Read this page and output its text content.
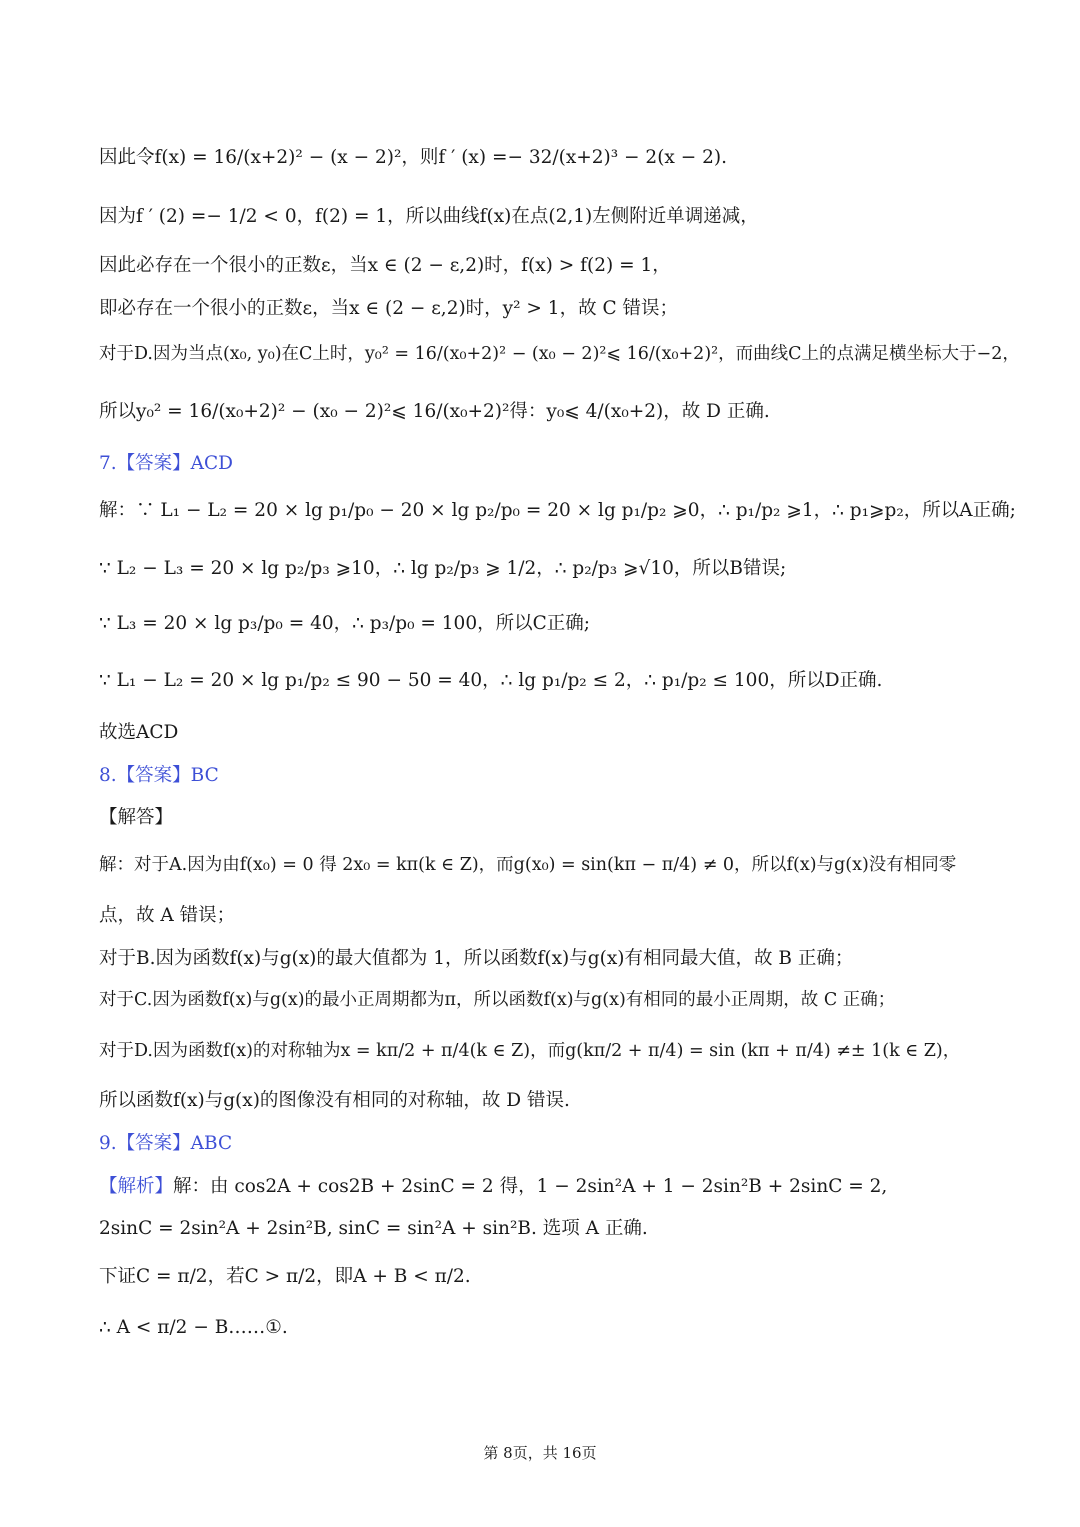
因此令f(x) = 16/(x+2)² − (x − 2)²，则f ′ (x) =− 32/(x+2)³ − 2(x − 2).
因为f ′ (2) =− 1/2 < 0，f(2) = 1，所以曲线f(x)在点(2,1)左侧附近单调递减，
因此必存在一个很小的正数ε，当x ∈ (2 − ε,2)时，f(x) > f(2) = 1，
即必存在一个很小的正数ε，当x ∈ (2 − ε,2)时，y² > 1，故 C 错误；
对于D.因为当点(x₀, y₀)在C上时，y₀² = 16/(x₀+2)² − (x₀ − 2)²⩽ 16/(x₀+2)²，而曲线C上的点满足横坐标大于−2，
所以y₀² = 16/(x₀+2)² − (x₀ − 2)²⩽ 16/(x₀+2)²得：y₀⩽ 4/(x₀+2)，故 D 正确.
7.【答案】ACD
解：∵ L₁ − L₂ = 20 × lg p₁/p₀ − 20 × lg p₂/p₀ = 20 × lg p₁/p₂ ⩾0，∴ p₁/p₂ ⩾1，∴ p₁⩾p₂，所以A正确;
∵ L₂ − L₃ = 20 × lg p₂/p₃ ⩾10，∴ lg p₂/p₃ ⩾ 1/2，∴ p₂/p₃ ⩾√10，所以B错误;
∵ L₃ = 20 × lg p₃/p₀ = 40，∴ p₃/p₀ = 100，所以C正确;
∵ L₁ − L₂ = 20 × lg p₁/p₂ ≤ 90 − 50 = 40，∴ lg p₁/p₂ ≤ 2，∴ p₁/p₂ ≤ 100，所以D正确.
故选ACD
8.【答案】BC
【解答】
解：对于A.因为由f(x₀) = 0 得 2x₀ = kπ(k ∈ Z)，而g(x₀) = sin(kπ − π/4) ≠ 0，所以f(x)与g(x)没有相同零
点，故 A 错误；
对于B.因为函数f(x)与g(x)的最大值都为 1，所以函数f(x)与g(x)有相同最大值，故 B 正确；
对于C.因为函数f(x)与g(x)的最小正周期都为π，所以函数f(x)与g(x)有相同的最小正周期，故 C 正确；
对于D.因为函数f(x)的对称轴为x = kπ/2 + π/4(k ∈ Z)，而g(kπ/2 + π/4) = sin (kπ + π/4) ≠± 1(k ∈ Z)，
所以函数f(x)与g(x)的图像没有相同的对称轴，故 D 错误.
9.【答案】ABC
【解析】解：由 cos2A + cos2B + 2sinC = 2 得，1 − 2sin²A + 1 − 2sin²B + 2sinC = 2,
2sinC = 2sin²A + 2sin²B, sinC = sin²A + sin²B. 选项 A 正确.
下证C = π/2，若C > π/2，即A + B < π/2.
∴ A < π/2 − B……①.
第 8页，共 16页
